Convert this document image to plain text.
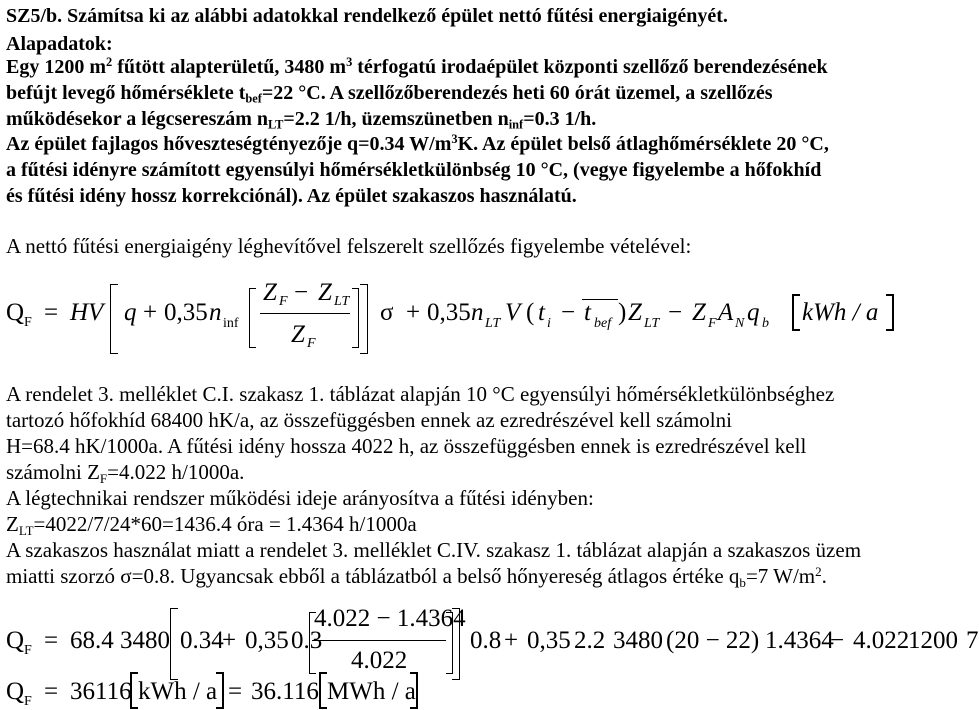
SZ5/b. Számítsa ki az alábbi adatokkal rendelkező épület nettó fűtési energiaigényét.
Alapadatok:
Egy 1200 $m^2$ fűtött alapterületű, 3480 $m^3$ térfogatú irodaépület központi szellőző berendezésének
befújt levegő hőmérséklete $t_{bef}=22$ °C. A szellőzőberendezés heti 60 órát üzemel, a szellőzés
működésekor a légcsereszám $n_{LT}=2.2$ 1/h, üzemszünetben $n_{inf}=0.3$ 1/h.
Az épület fajlagos hőveszteségtényezője q=0.34 $W/m^3K$. Az épület belső átlaghőmérséklete 20 °C,
a fűtési idényre számított egyensúlyi hőmérsékletkülönbség 10 °C, (vegye figyelembe a hőfokhíd
és fűtési idény hossz korrekciónál). Az épület szakaszos használatú.
A nettó fűtési energiaigény léghevítővel felszerelt szellőzés figyelembe vételével:
Q F = HV q + 0,35 n inf
Z F − Z LT
Z F
σ + 0,35 n LT V ( t i − t bef ) Z LT − Z F A N q b kWh / a
A rendelet 3. melléklet C.I. szakasz 1. táblázat alapján 10 °C egyensúlyi hőmérsékletkülönbséghez
tartozó hőfokhíd 68400 hK/a, az összefüggésben ennek az ezredrészével kell számolni
H=68.4 hK/1000a. A fűtési idény hossza 4022 h, az összefüggésben ennek is ezredrészével kell
számolni $Z_F=4.022$ h/1000a.
A légtechnikai rendszer működési ideje arányosítva a fűtési idényben:
$Z_{LT}=4022/7/24*60=1436.4$ óra = 1.4364 h/1000a
A szakaszos használat miatt a rendelet 3. melléklet C.IV. szakasz 1. táblázat alapján a szakaszos üzem
miatti szorzó σ=0.8. Ugyancsak ebből a táblázatból a belső hőnyereség átlagos értéke $q_b=7$ $W/m^2$.
Q F = 68.4 3480 0.34
+ 0,35 0.3
4.022 − 1.4364
4.022
0.8 + 0,35 2.2 3480 (20 − 22) 1.4364
− 4.022
1200 7
Q F = 36116 kWh / a = 36.116 MWh / a
